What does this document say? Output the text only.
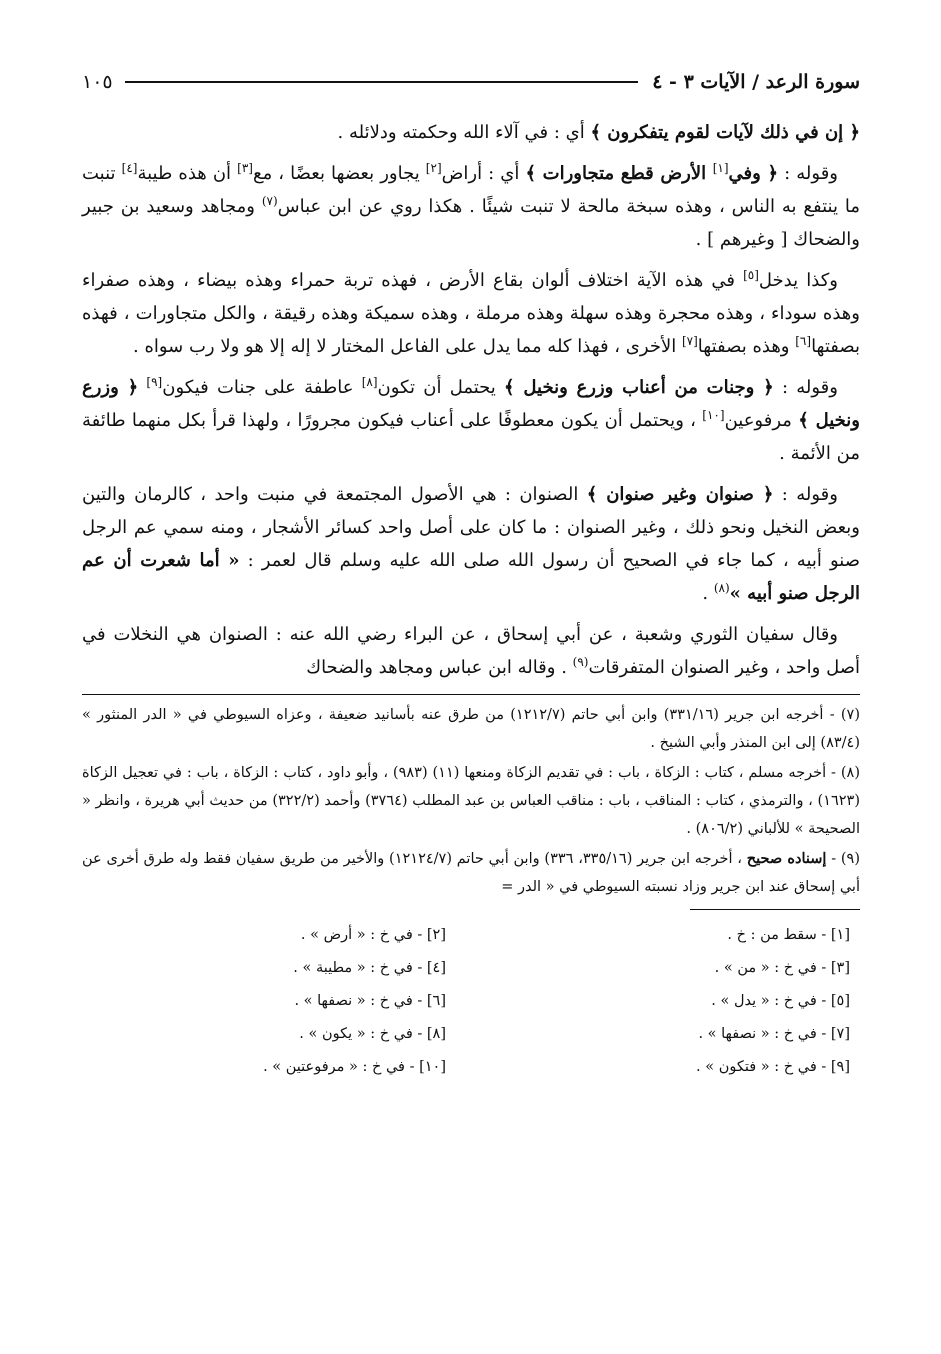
سورة الرعد / الآيات ٣ - ٤
١٠٥

﴿ إن في ذلك لآيات لقوم يتفكرون ﴾ أي : في آلاء الله وحكمته ودلائله .

وقوله : ﴿ وفي[١] الأرض قطع متجاورات ﴾ أي : أراض[٢] يجاور بعضها بعضًا ، مع[٣] أن هذه طيبة[٤] تنبت ما ينتفع به الناس ، وهذه سبخة مالحة لا تنبت شيئًا . هكذا روي عن ابن عباس$^{(٧)}$ ومجاهد وسعيد بن جبير والضحاك [ وغيرهم ] .

وكذا يدخل[٥] في هذه الآية اختلاف ألوان بقاع الأرض ، فهذه تربة حمراء وهذه بيضاء ، وهذه صفراء وهذه سوداء ، وهذه محجرة وهذه سهلة وهذه مرملة ، وهذه سميكة وهذه رقيقة ، والكل متجاورات ، فهذه بصفتها[٦] وهذه بصفتها[٧] الأخرى ، فهذا كله مما يدل على الفاعل المختار لا إله إلا هو ولا رب سواه .

وقوله : ﴿ وجنات من أعناب وزرع ونخيل ﴾ يحتمل أن تكون[٨] عاطفة على جنات فيكون[٩] ﴿ وزرع ونخيل ﴾ مرفوعين[١٠] ، ويحتمل أن يكون معطوفًا على أعناب فيكون مجرورًا ، ولهذا قرأ بكل منهما طائفة من الأئمة .

وقوله : ﴿ صنوان وغير صنوان ﴾ الصنوان : هي الأصول المجتمعة في منبت واحد ، كالرمان والتين وبعض النخيل ونحو ذلك ، وغير الصنوان : ما كان على أصل واحد كسائر الأشجار ، ومنه سمي عم الرجل صنو أبيه ، كما جاء في الصحيح أن رسول الله صلى الله عليه وسلم قال لعمر : « أما شعرت أن عم الرجل صنو أبيه »$^{(٨)}$ .

وقال سفيان الثوري وشعبة ، عن أبي إسحاق ، عن البراء رضي الله عنه : الصنوان هي النخلات في أصل واحد ، وغير الصنوان المتفرقات$^{(٩)}$ . وقاله ابن عباس ومجاهد والضحاك

(٧) - أخرجه ابن جرير (٣٣١/١٦) وابن أبي حاتم (١٢١٢/٧) من طرق عنه بأسانيد ضعيفة ، وعزاه السيوطي في « الدر المنثور » (٨٣/٤) إلى ابن المنذر وأبي الشيخ .

(٨) - أخرجه مسلم ، كتاب : الزكاة ، باب : في تقديم الزكاة ومنعها (١١) (٩٨٣) ، وأبو داود ، كتاب : الزكاة ، باب : في تعجيل الزكاة (١٦٢٣) ، والترمذي ، كتاب : المناقب ، باب : مناقب العباس بن عبد المطلب (٣٧٦٤) وأحمد (٣٢٢/٢) من حديث أبي هريرة ، وانظر « الصحيحة » للألباني (٨٠٦/٢) .

(٩) - إسناده صحيح ، أخرجه ابن جرير (٣٣٥/١٦، ٣٣٦) وابن أبي حاتم (١٢١٢٤/٧) والأخير من طريق سفيان فقط وله طرق أخرى عن أبي إسحاق عند ابن جرير وزاد نسبته السيوطي في « الدر =

[١] - سقط من : خ .
[٢] - في خ : « أرض » .
[٣] - في خ : « من » .
[٤] - في خ : « مطيبة » .
[٥] - في خ : « يدل » .
[٦] - في خ : « نصفها » .
[٧] - في خ : « نصفها » .
[٨] - في خ : « يكون » .
[٩] - في خ : « فتكون » .
[١٠] - في خ : « مرفوعتين » .
